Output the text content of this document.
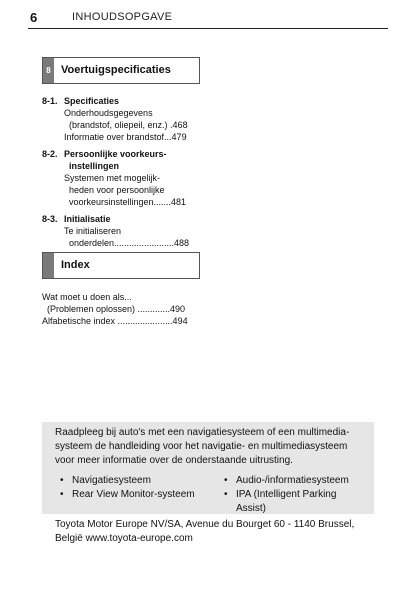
6	INHOUDSOPGAVE
8 Voertuigspecificaties
8-1. Specificaties
Onderhoudsgegevens
(brandstof, oliepeil, enz.) .468
Informatie over brandstof...479
8-2. Persoonlijke voorkeurs-
instellingen
Systemen met mogelijk-
heden voor persoonlijke
voorkeursinstellingen.......481
8-3. Initialisatie
Te initialiseren
onderdelen........................488
Index
Wat moet u doen als...
(Problemen oplossen) .............490
Alfabetische index ......................494
Raadpleeg bij auto's met een navigatiesysteem of een multimedia-
systeem de handleiding voor het navigatie- en multimediasysteem
voor meer informatie over de onderstaande uitrusting.
• Navigatiesysteem
• Rear View Monitor-systeem
• Audio-/informatiesysteem
• IPA (Intelligent Parking
Assist)
Toyota Motor Europe NV/SA, Avenue du Bourget 60 - 1140 Brussel,
België www.toyota-europe.com
